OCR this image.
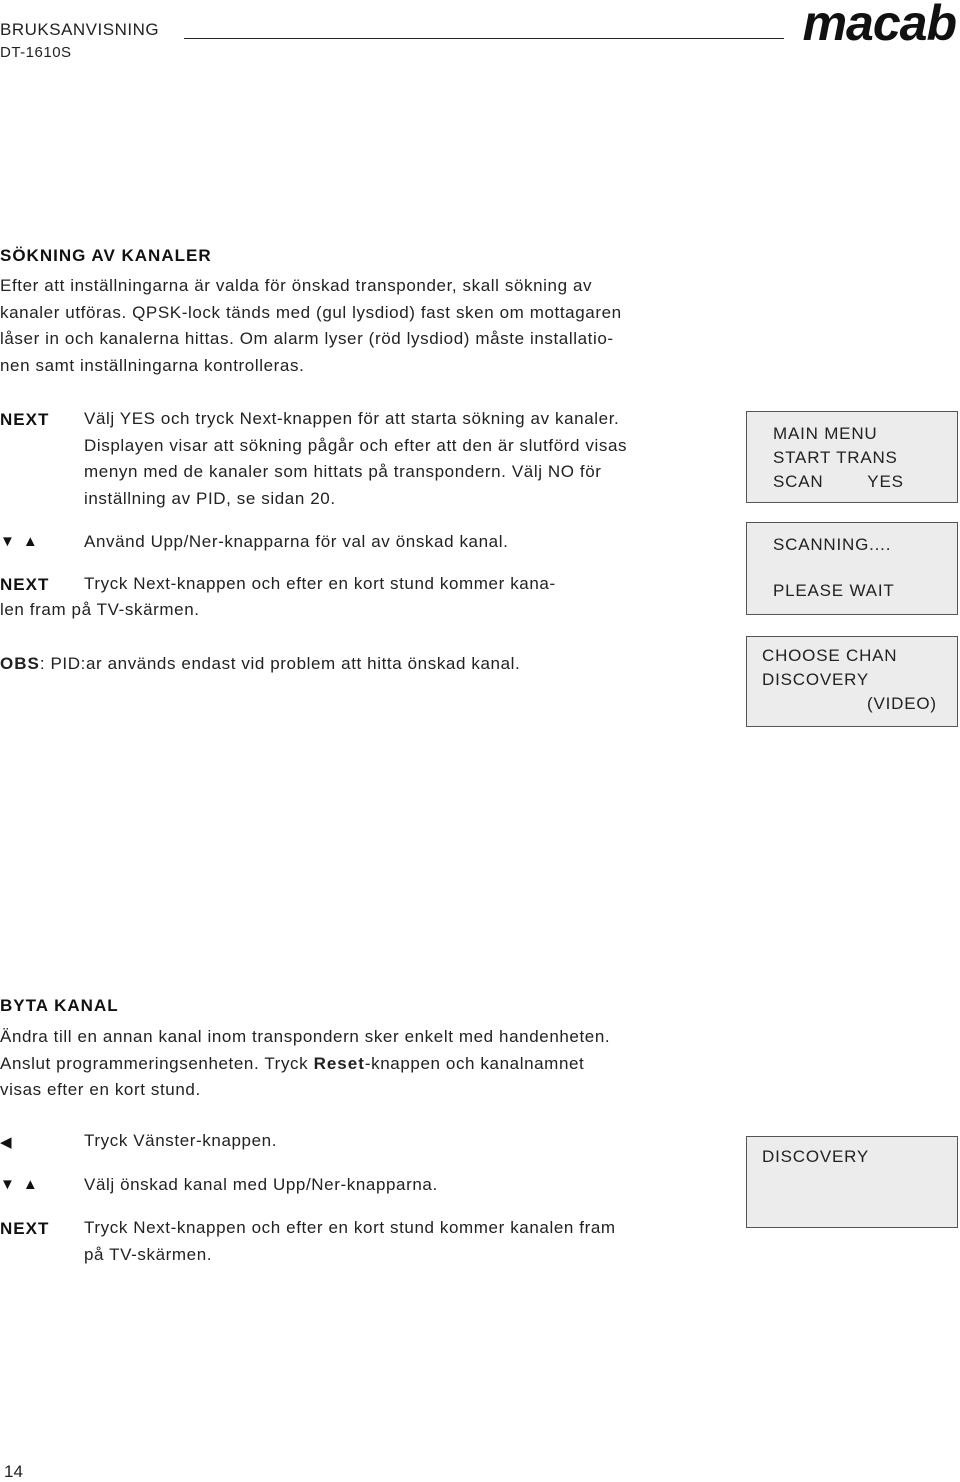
BRUKSANVISNING
DT-1610S
macab
SÖKNING AV KANALER
Efter att inställningarna är valda för önskad transponder, skall sökning av
kanaler utföras. QPSK-lock tänds med (gul lysdiod) fast sken om mottagaren
låser in och kanalerna hittas. Om alarm lyser (röd lysdiod) måste installatio-
nen samt inställningarna kontrolleras.
NEXT Välj YES och tryck Next-knappen för att starta sökning av kanaler.
Displayen visar att sökning pågår och efter att den är slutförd visas
menyn med de kanaler som hittats på transpondern. Välj NO för
inställning av PID, se sidan 20.
▼▲ Använd Upp/Ner-knapparna för val av önskad kanal.
NEXT Tryck Next-knappen och efter en kort stund kommer kana-
len fram på TV-skärmen.
OBS: PID:ar används endast vid problem att hitta önskad kanal.
MAIN MENU
START TRANS
SCAN        YES
SCANNING....
PLEASE WAIT
CHOOSE CHAN
DISCOVERY
(VIDEO)
BYTA KANAL
Ändra till en annan kanal inom transpondern sker enkelt med handenheten.
Anslut programmeringsenheten. Tryck Reset-knappen och kanalnamnet
visas efter en kort stund.
◀	Tryck Vänster-knappen.
▼▲ Välj önskad kanal med Upp/Ner-knapparna.
NEXT Tryck Next-knappen och efter en kort stund kommer kanalen fram
på TV-skärmen.
DISCOVERY
14
